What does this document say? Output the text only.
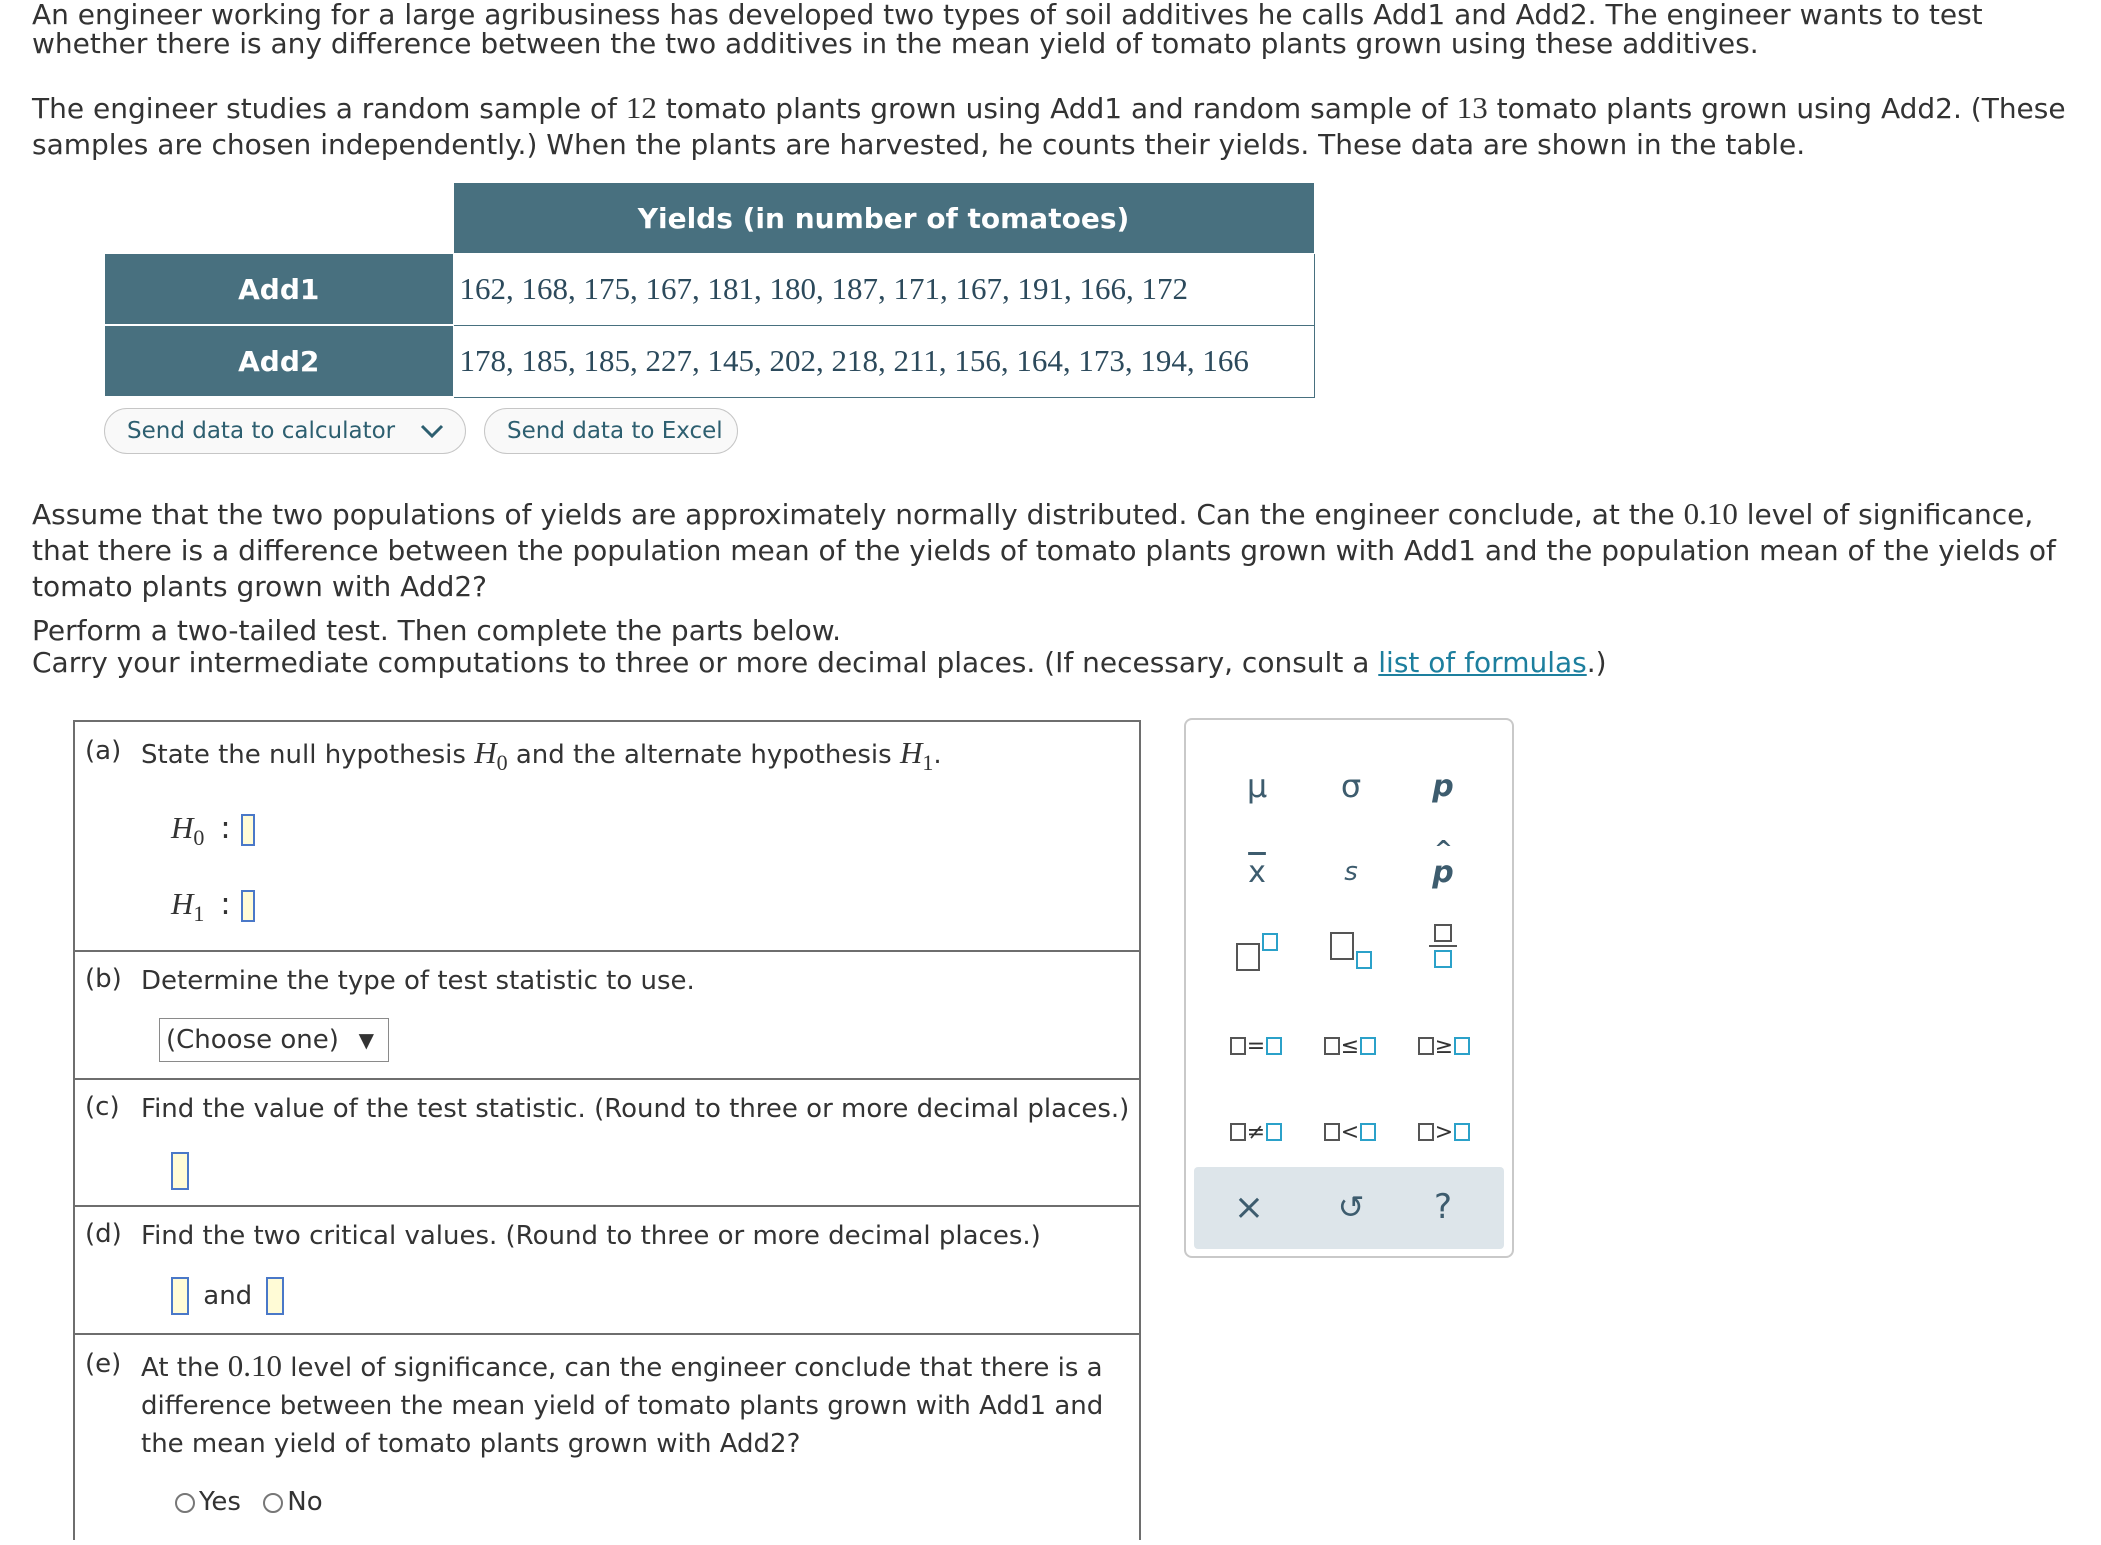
An engineer working for a large agribusiness has developed two types of soil additives he calls Add1 and Add2. The engineer wants to test whether there is any difference between the two additives in the mean yield of tomato plants grown using these additives.

The engineer studies a random sample of 12 tomato plants grown using Add1 and random sample of 13 tomato plants grown using Add2. (These samples are chosen independently.) When the plants are harvested, he counts their yields. These data are shown in the table.

	Yields (in number of tomatoes)
Add1	162, 168, 175, 167, 181, 180, 187, 171, 167, 191, 166, 172
Add2	178, 185, 185, 227, 145, 202, 218, 211, 156, 164, 173, 194, 166
Send data to calculator	Send data to Excel

Assume that the two populations of yields are approximately normally distributed. Can the engineer conclude, at the 0.10 level of significance, that there is a difference between the population mean of the yields of tomato plants grown with Add1 and the population mean of the yields of tomato plants grown with Add2?

Perform a two-tailed test. Then complete the parts below.

Carry your intermediate computations to three or more decimal places. (If necessary, consult a list of formulas.)

(a) State the null hypothesis $H_0$ and the alternate hypothesis $H_1$.
$H_0$ :
$H_1$ :
(b) Determine the type of test statistic to use.
(Choose one) ▼
(c) Find the value of the test statistic. (Round to three or more decimal places.)
(d) Find the two critical values. (Round to three or more decimal places.)
and
(e) At the 0.10 level of significance, can the engineer conclude that there is a difference between the mean yield of tomato plants grown with Add1 and the mean yield of tomato plants grown with Add2?
Yes No
μ σ p
$\overline{x}$	s
^
p
=	≤	≥
≠	<	>
× ↺ ?
